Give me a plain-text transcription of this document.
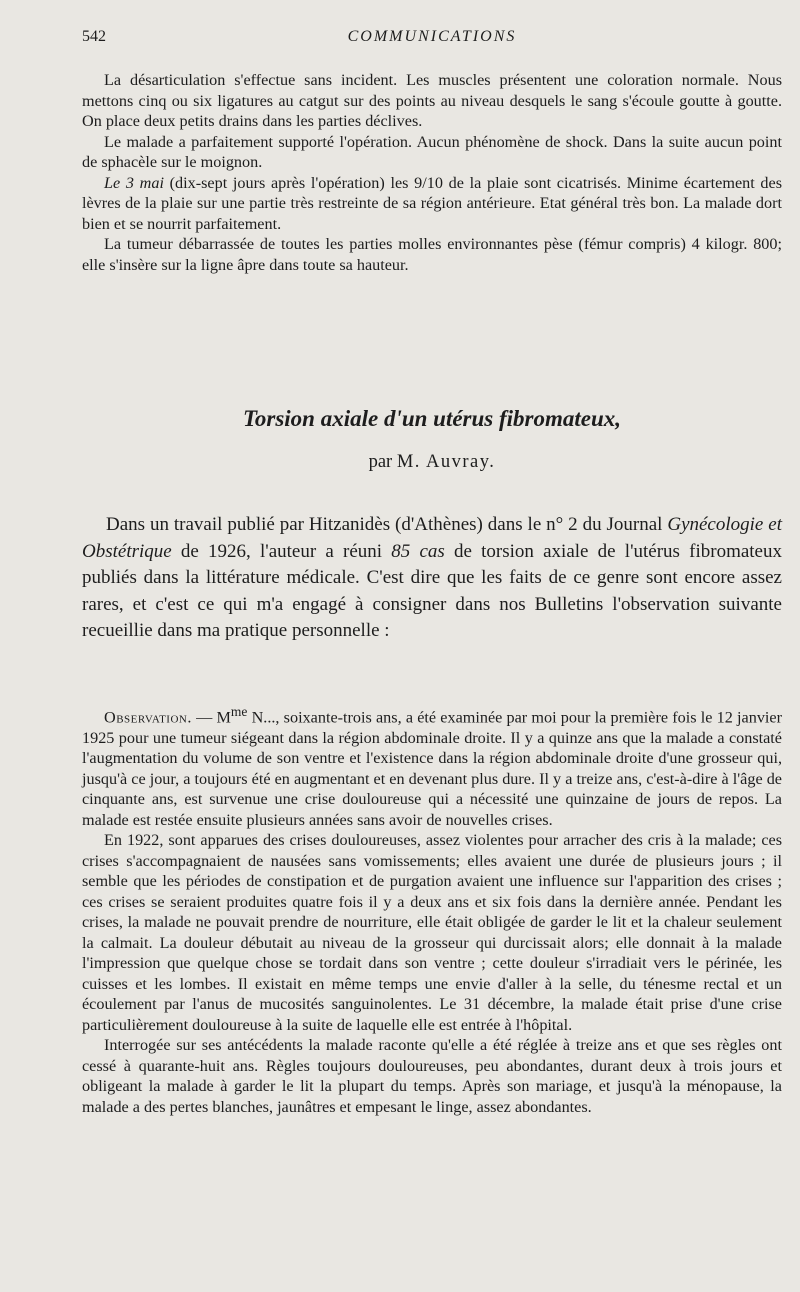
542	COMMUNICATIONS

La désarticulation s'effectue sans incident. Les muscles présentent une coloration normale. Nous mettons cinq ou six ligatures au catgut sur des points au niveau desquels le sang s'écoule goutte à goutte. On place deux petits drains dans les parties déclives.

Le malade a parfaitement supporté l'opération. Aucun phénomène de shock. Dans la suite aucun point de sphacèle sur le moignon.

Le 3 mai (dix-sept jours après l'opération) les 9/10 de la plaie sont cicatrisés. Minime écartement des lèvres de la plaie sur une partie très restreinte de sa région antérieure. Etat général très bon. La malade dort bien et se nourrit parfaitement.

La tumeur débarrassée de toutes les parties molles environnantes pèse (fémur compris) 4 kilogr. 800; elle s'insère sur la ligne âpre dans toute sa hauteur.

Torsion axiale d'un utérus fibromateux,
par M. Auvray.

Dans un travail publié par Hitzanidès (d'Athènes) dans le n° 2 du Journal Gynécologie et Obstétrique de 1926, l'auteur a réuni 85 cas de torsion axiale de l'utérus fibromateux publiés dans la littérature médicale. C'est dire que les faits de ce genre sont encore assez rares, et c'est ce qui m'a engagé à consigner dans nos Bulletins l'observation suivante recueillie dans ma pratique personnelle :

Observation. — $M^{me}$ N..., soixante-trois ans, a été examinée par moi pour la première fois le 12 janvier 1925 pour une tumeur siégeant dans la région abdominale droite. Il y a quinze ans que la malade a constaté l'augmentation du volume de son ventre et l'existence dans la région abdominale droite d'une grosseur qui, jusqu'à ce jour, a toujours été en augmentant et en devenant plus dure. Il y a treize ans, c'est-à-dire à l'âge de cinquante ans, est survenue une crise douloureuse qui a nécessité une quinzaine de jours de repos. La malade est restée ensuite plusieurs années sans avoir de nouvelles crises.

En 1922, sont apparues des crises douloureuses, assez violentes pour arracher des cris à la malade; ces crises s'accompagnaient de nausées sans vomissements; elles avaient une durée de plusieurs jours ; il semble que les périodes de constipation et de purgation avaient une influence sur l'apparition des crises ; ces crises se seraient produites quatre fois il y a deux ans et six fois dans la dernière année. Pendant les crises, la malade ne pouvait prendre de nourriture, elle était obligée de garder le lit et la chaleur seulement la calmait. La douleur débutait au niveau de la grosseur qui durcissait alors; elle donnait à la malade l'impression que quelque chose se tordait dans son ventre ; cette douleur s'irradiait vers le périnée, les cuisses et les lombes. Il existait en même temps une envie d'aller à la selle, du ténesme rectal et un écoulement par l'anus de mucosités sanguinolentes. Le 31 décembre, la malade était prise d'une crise particulièrement douloureuse à la suite de laquelle elle est entrée à l'hôpital.

Interrogée sur ses antécédents la malade raconte qu'elle a été réglée à treize ans et que ses règles ont cessé à quarante-huit ans. Règles toujours douloureuses, peu abondantes, durant deux à trois jours et obligeant la malade à garder le lit la plupart du temps. Après son mariage, et jusqu'à la ménopause, la malade a des pertes blanches, jaunâtres et empesant le linge, assez abondantes.
